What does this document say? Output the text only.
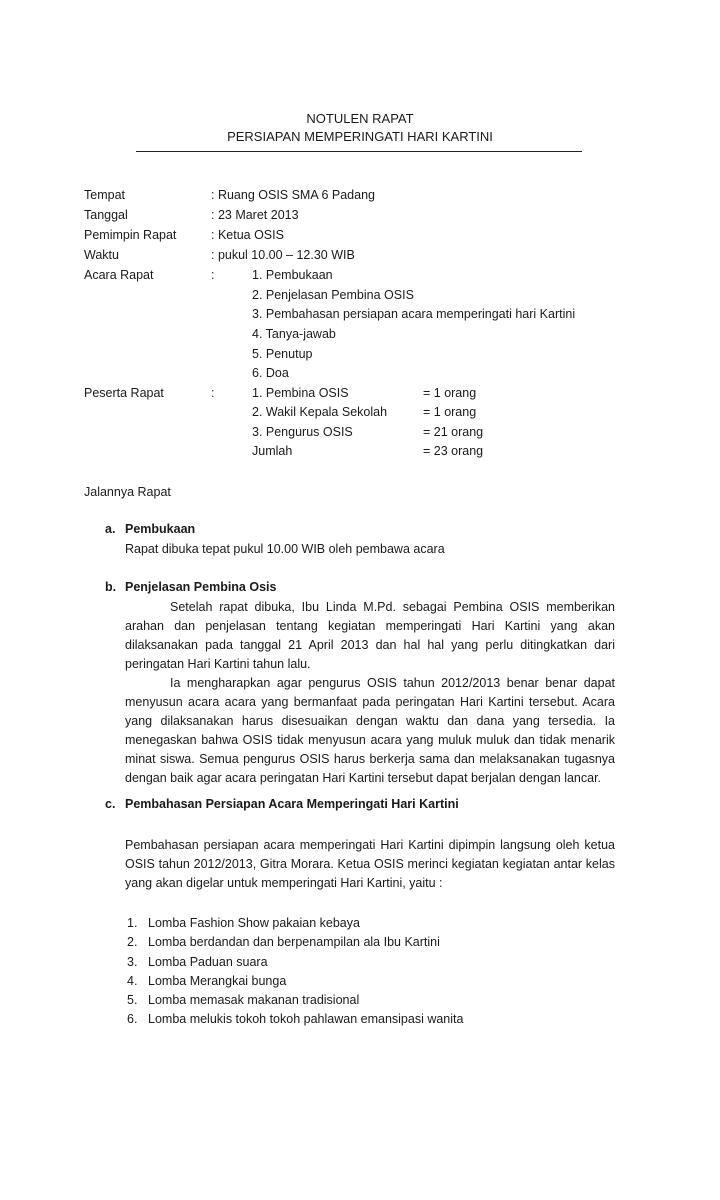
NOTULEN RAPAT
PERSIAPAN MEMPERINGATI HARI KARTINI
Tempat	: Ruang OSIS SMA 6 Padang
Tanggal	: 23 Maret 2013
Pemimpin Rapat	: Ketua OSIS
Waktu	: pukul 10.00 – 12.30 WIB
Acara Rapat	:	1. Pembukaan
2. Penjelasan Pembina OSIS
3. Pembahasan persiapan acara memperingati hari Kartini
4. Tanya-jawab
5. Penutup
6. Doa
Peserta Rapat	:	1. Pembina OSIS	= 1 orang
2. Wakil Kepala Sekolah	= 1 orang
3. Pengurus OSIS	= 21 orang
Jumlah	= 23 orang
Jalannya Rapat
a. Pembukaan
Rapat dibuka tepat pukul 10.00 WIB oleh pembawa acara
b. Penjelasan Pembina Osis

Setelah rapat dibuka, Ibu Linda M.Pd. sebagai Pembina OSIS memberikan arahan dan penjelasan tentang kegiatan memperingati Hari Kartini yang akan dilaksanakan pada tanggal 21 April 2013 dan hal hal yang perlu ditingkatkan dari peringatan Hari Kartini tahun lalu.

Ia mengharapkan agar pengurus OSIS tahun 2012/2013 benar benar dapat menyusun acara acara yang bermanfaat pada peringatan Hari Kartini tersebut. Acara yang dilaksanakan harus disesuaikan dengan waktu dan dana yang tersedia. Ia menegaskan bahwa OSIS tidak menyusun acara yang muluk muluk dan tidak menarik minat siswa. Semua pengurus OSIS harus berkerja sama dan melaksanakan tugasnya dengan baik agar acara peringatan Hari Kartini tersebut dapat berjalan dengan lancar.

c. Pembahasan Persiapan Acara Memperingati Hari Kartini
Pembahasan persiapan acara memperingati Hari Kartini dipimpin langsung oleh ketua OSIS tahun 2012/2013, Gitra Morara. Ketua OSIS merinci kegiatan kegiatan antar kelas yang akan digelar untuk memperingati Hari Kartini, yaitu :
1. Lomba Fashion Show pakaian kebaya
2. Lomba berdandan dan berpenampilan ala Ibu Kartini
3. Lomba Paduan suara
4. Lomba Merangkai bunga
5. Lomba memasak makanan tradisional
6. Lomba melukis tokoh tokoh pahlawan emansipasi wanita
